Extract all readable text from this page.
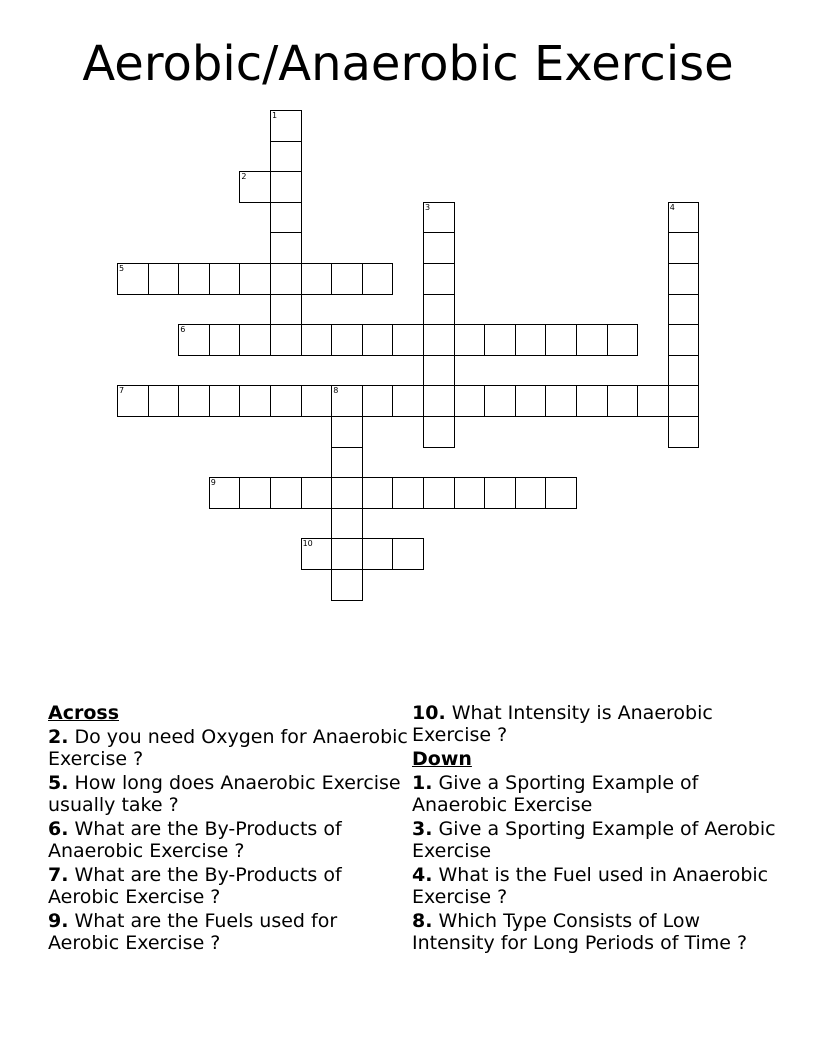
Aerobic/Anaerobic Exercise
1
2
3	4
5
6
7	8
9
10
Across
2. Do you need Oxygen for Anaerobic Exercise ?
5. How long does Anaerobic Exercise usually take ?
6. What are the By-Products of Anaerobic Exercise ?
7. What are the By-Products of Aerobic Exercise ?
9. What are the Fuels used for Aerobic Exercise ?
10. What Intensity is Anaerobic Exercise ?
Down
1. Give a Sporting Example of Anaerobic Exercise
3. Give a Sporting Example of Aerobic Exercise
4. What is the Fuel used in Anaerobic Exercise ?
8. Which Type Consists of Low Intensity for Long Periods of Time ?
